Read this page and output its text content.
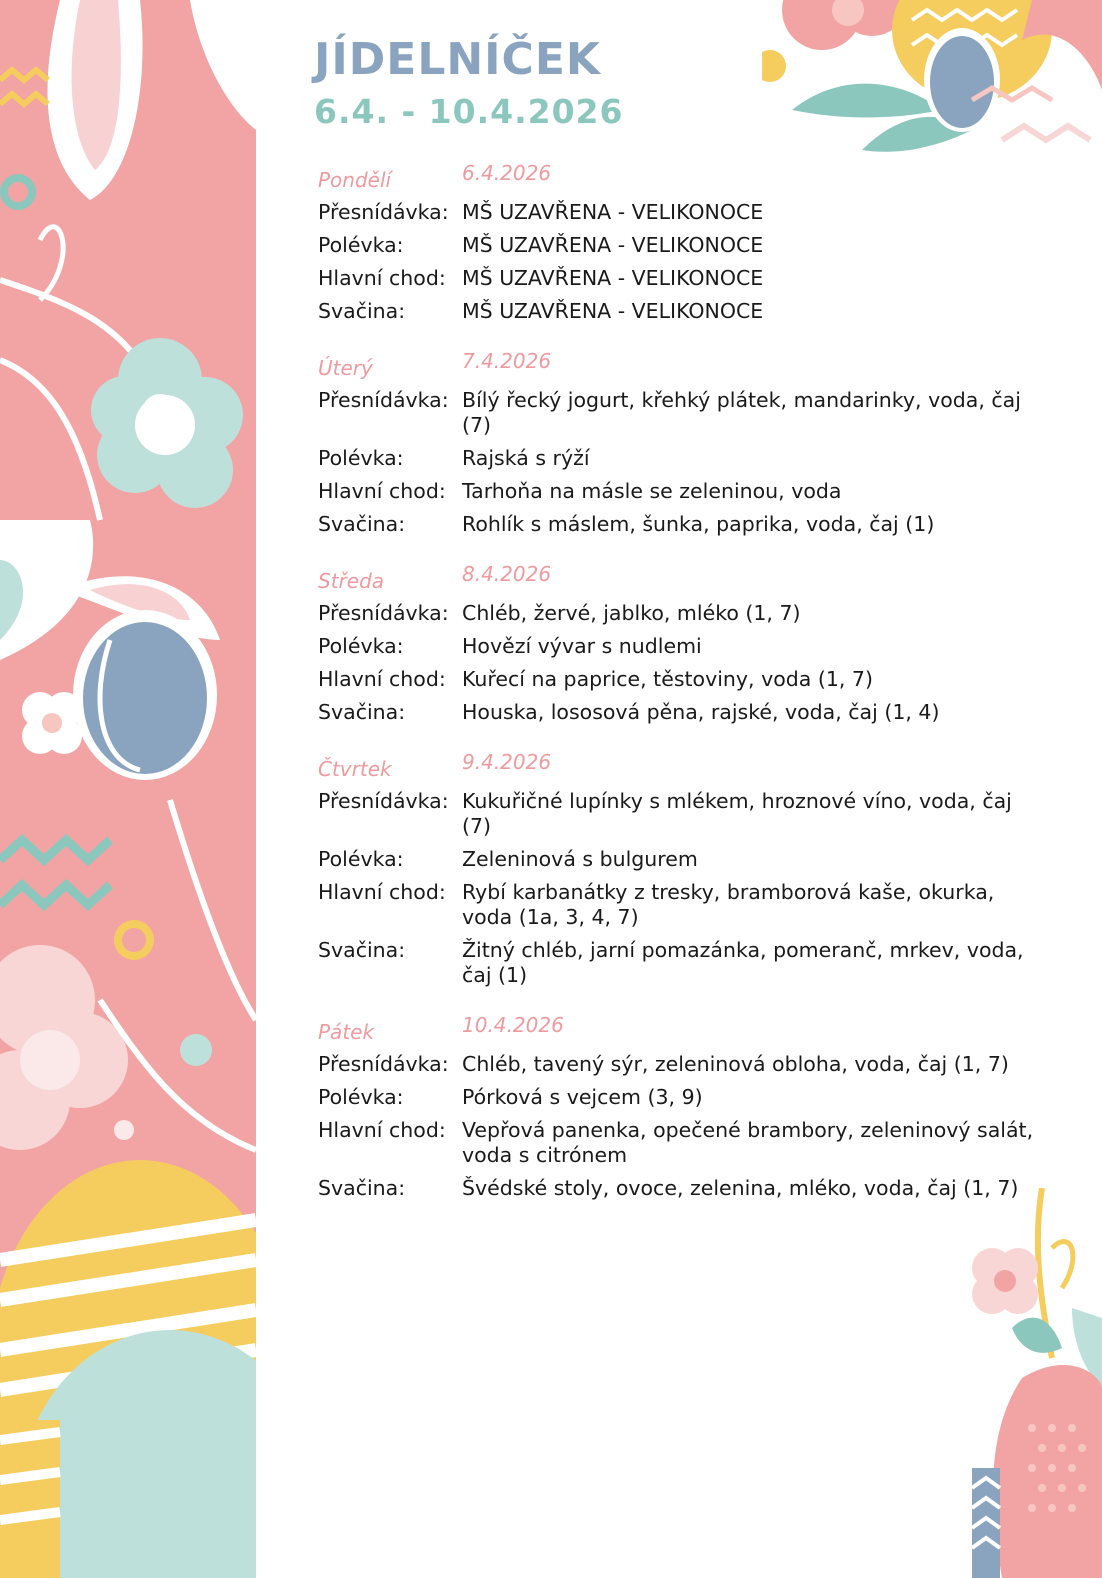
JÍDELNÍČEK
6.4. - 10.4.2026
Pondělí	6.4.2026
Přesnídávka: MŠ UZAVŘENA - VELIKONOCE
Polévka:	MŠ UZAVŘENA - VELIKONOCE
Hlavní chod: MŠ UZAVŘENA - VELIKONOCE
Svačina:	MŠ UZAVŘENA - VELIKONOCE
Úterý	7.4.2026
Přesnídávka: Bílý řecký jogurt, křehký plátek, mandarinky, voda, čaj (7)
Polévka:	Rajská s rýží
Hlavní chod: Tarhoňa na másle se zeleninou, voda
Svačina:	Rohlík s máslem, šunka, paprika, voda, čaj (1)
Středa	8.4.2026
Přesnídávka: Chléb, žervé, jablko, mléko (1, 7)
Polévka:	Hovězí vývar s nudlemi
Hlavní chod: Kuřecí na paprice, těstoviny, voda (1, 7)
Svačina:	Houska, lososová pěna, rajské, voda, čaj (1, 4)
Čtvrtek	9.4.2026
Přesnídávka: Kukuřičné lupínky s mlékem, hroznové víno, voda, čaj (7)
Polévka:	Zeleninová s bulgurem
Hlavní chod: Rybí karbanátky z tresky, bramborová kaše, okurka, voda (1a, 3, 4, 7)
Svačina:	Žitný chléb, jarní pomazánka, pomeranč, mrkev, voda, čaj (1)
Pátek	10.4.2026
Přesnídávka: Chléb, tavený sýr, zeleninová obloha, voda, čaj (1, 7)
Polévka:	Pórková s vejcem (3, 9)
Hlavní chod: Vepřová panenka, opečené brambory, zeleninový salát, voda s citrónem
Svačina:	Švédské stoly, ovoce, zelenina, mléko, voda, čaj (1, 7)
